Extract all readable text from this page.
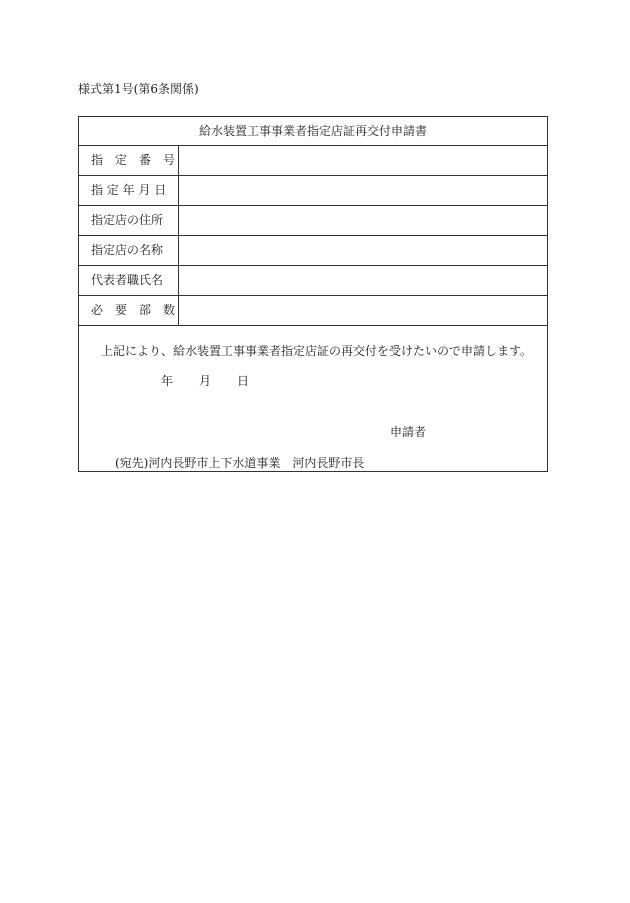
様式第1号(第6条関係)
給水装置工事事業者指定店証再交付申請書
指　定　番　号
指 定 年 月 日
指定店の住所
指定店の名称
代表者職氏名
必　要　部　数
上記により、給水装置工事事業者指定店証の再交付を受けたいので申請します。
年 月 日
申請者
(宛先)河内長野市上下水道事業　河内長野市長
